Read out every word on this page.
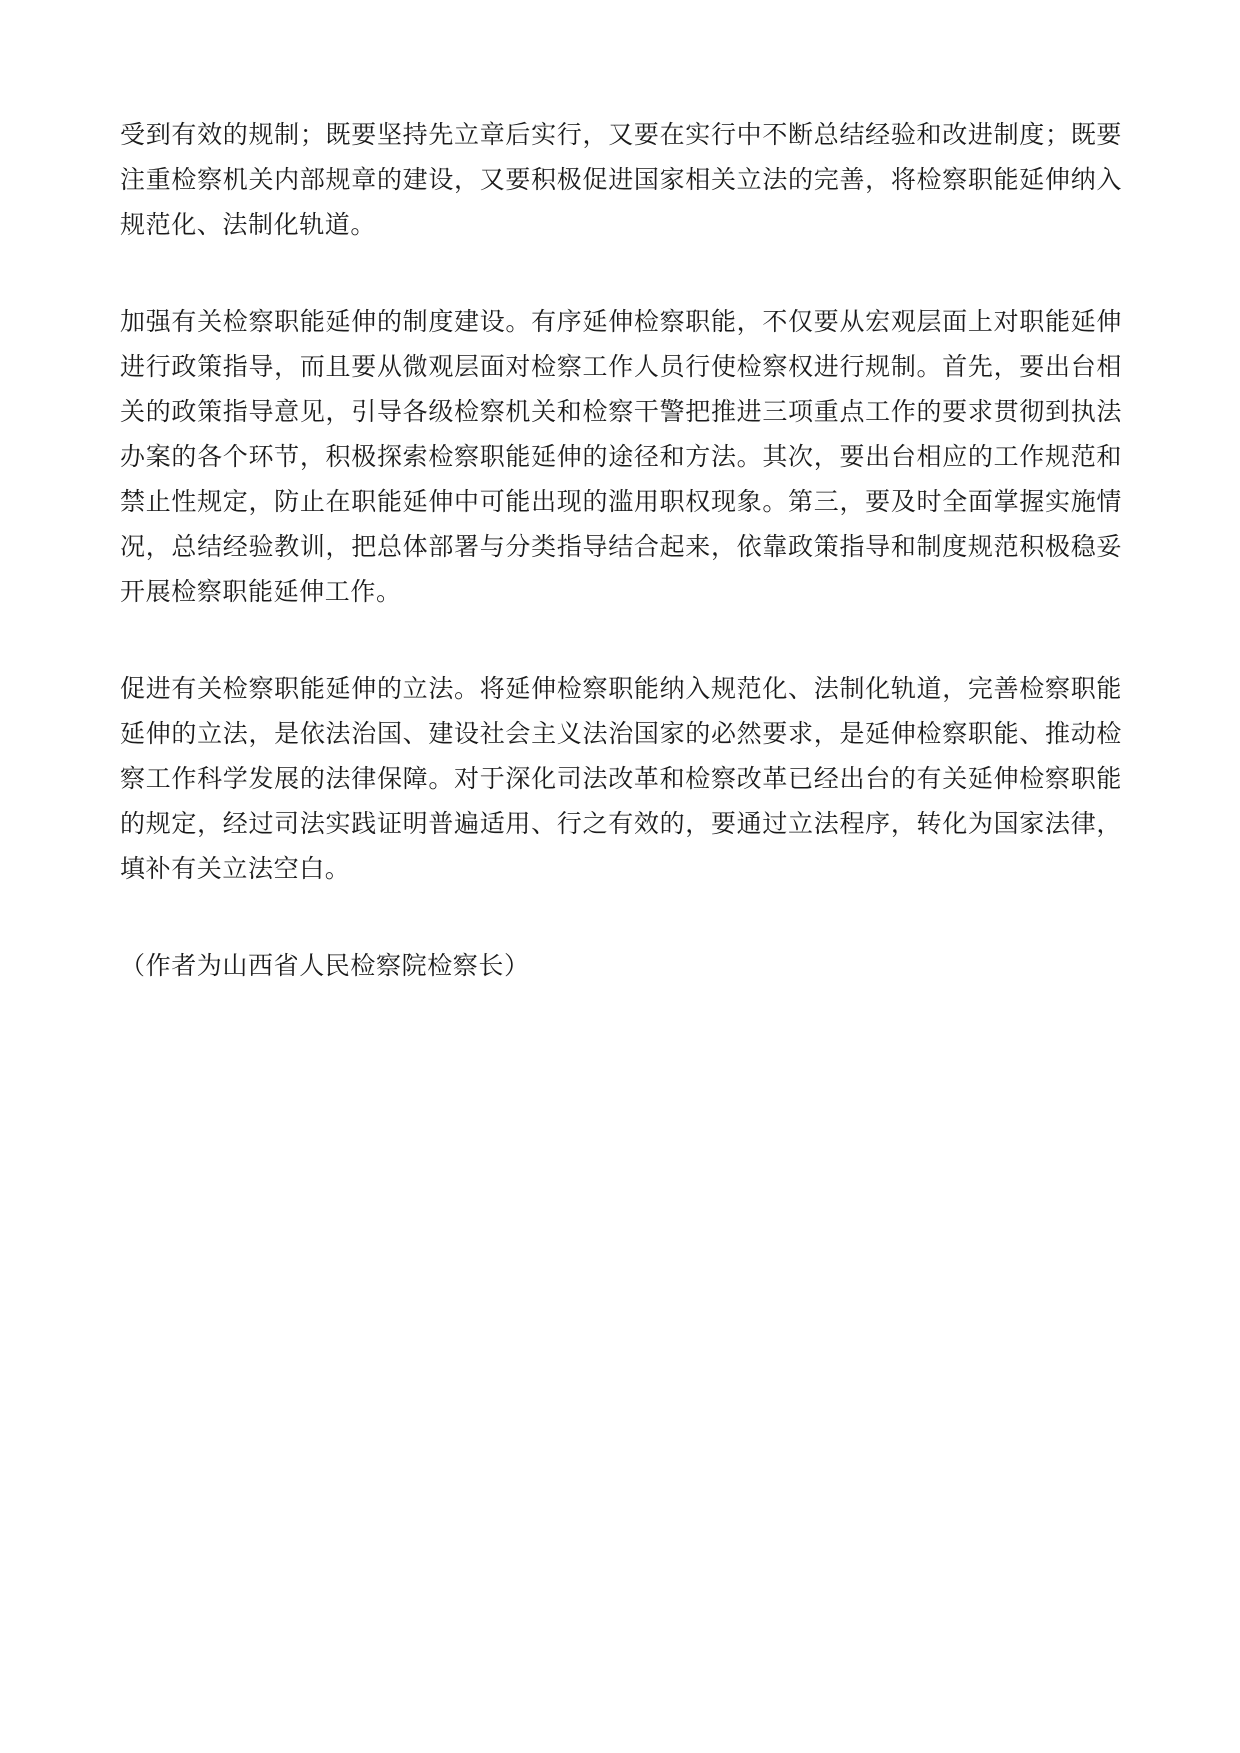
受到有效的规制；既要坚持先立章后实行，又要在实行中不断总结经验和改进制度；既要注重检察机关内部规章的建设，又要积极促进国家相关立法的完善，将检察职能延伸纳入规范化、法制化轨道。

加强有关检察职能延伸的制度建设。有序延伸检察职能，不仅要从宏观层面上对职能延伸进行政策指导，而且要从微观层面对检察工作人员行使检察权进行规制。首先，要出台相关的政策指导意见，引导各级检察机关和检察干警把推进三项重点工作的要求贯彻到执法办案的各个环节，积极探索检察职能延伸的途径和方法。其次，要出台相应的工作规范和禁止性规定，防止在职能延伸中可能出现的滥用职权现象。第三，要及时全面掌握实施情况，总结经验教训，把总体部署与分类指导结合起来，依靠政策指导和制度规范积极稳妥开展检察职能延伸工作。

促进有关检察职能延伸的立法。将延伸检察职能纳入规范化、法制化轨道，完善检察职能延伸的立法，是依法治国、建设社会主义法治国家的必然要求，是延伸检察职能、推动检察工作科学发展的法律保障。对于深化司法改革和检察改革已经出台的有关延伸检察职能的规定，经过司法实践证明普遍适用、行之有效的，要通过立法程序，转化为国家法律，填补有关立法空白。

（作者为山西省人民检察院检察长）
